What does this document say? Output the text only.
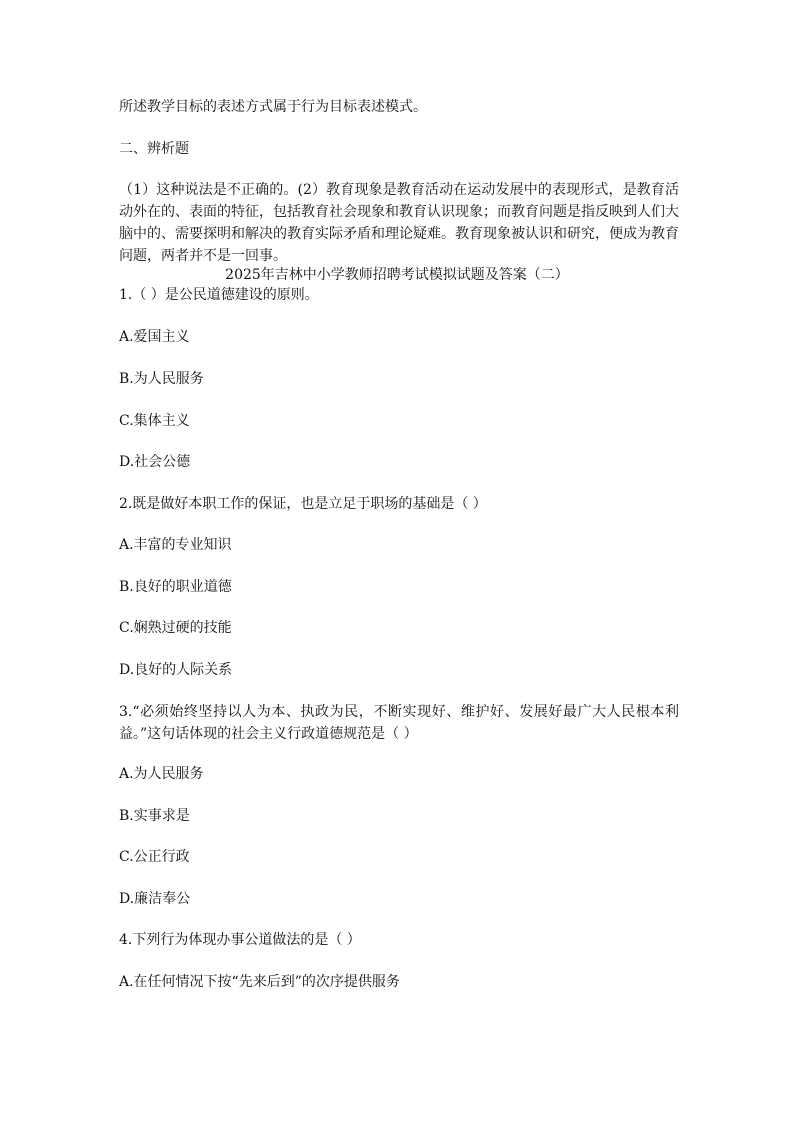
所述教学目标的表述方式属于行为目标表述模式。
二、辨析题
（1）这种说法是不正确的。(2）教育现象是教育活动在运动发展中的表现形式，是教育活动外在的、表面的特征，包括教育社会现象和教育认识现象；而教育问题是指反映到人们大脑中的、需要探明和解决的教育实际矛盾和理论疑难。教育现象被认识和研究，便成为教育问题，两者并不是一回事。
2025年吉林中小学教师招聘考试模拟试题及答案（二）
1.（ ）是公民道德建设的原则。
A.爱国主义
B.为人民服务
C.集体主义
D.社会公德
2.既是做好本职工作的保证，也是立足于职场的基础是（ ）
A.丰富的专业知识
B.良好的职业道德
C.娴熟过硬的技能
D.良好的人际关系
3.“必须始终坚持以人为本、执政为民，不断实现好、维护好、发展好最广大人民根本利益。”这句话体现的社会主义行政道德规范是（ ）
A.为人民服务
B.实事求是
C.公正行政
D.廉洁奉公
4.下列行为体现办事公道做法的是（ ）
A.在任何情况下按“先来后到”的次序提供服务
